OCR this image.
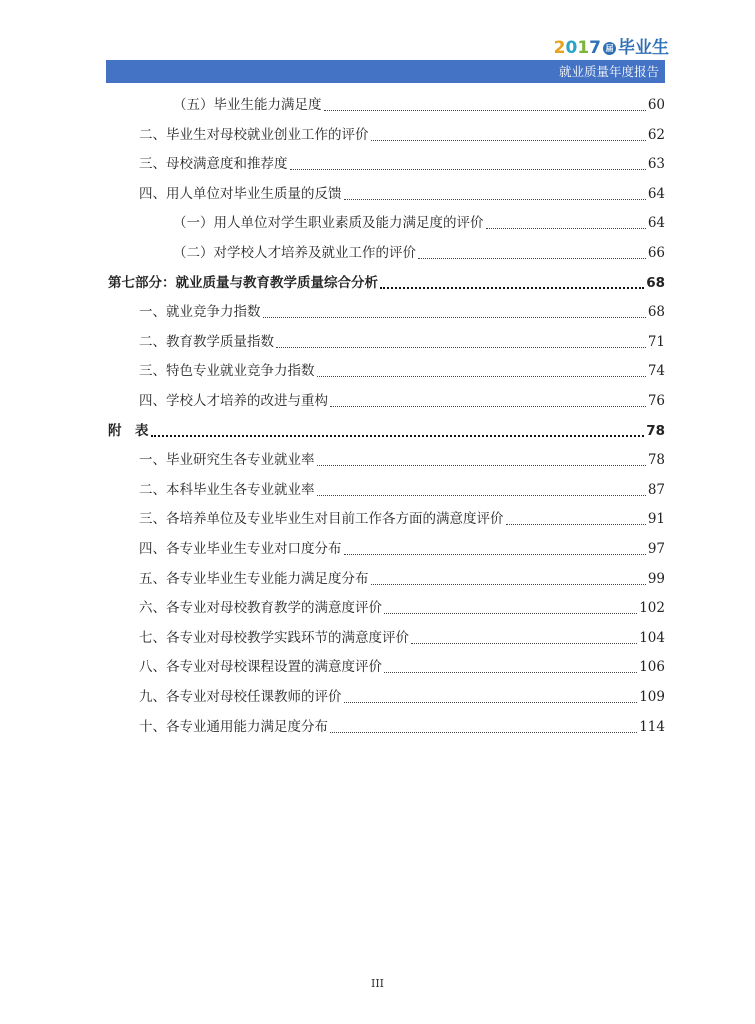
2017 届 毕业生
就业质量年度报告
（五）毕业生能力满足度	60
二、毕业生对母校就业创业工作的评价	62
三、母校满意度和推荐度	63
四、用人单位对毕业生质量的反馈	64
（一）用人单位对学生职业素质及能力满足度的评价	64
（二）对学校人才培养及就业工作的评价	66
第七部分：就业质量与教育教学质量综合分析	68
一、就业竞争力指数	68
二、教育教学质量指数	71
三、特色专业就业竞争力指数	74
四、学校人才培养的改进与重构	76
附　表	78
一、毕业研究生各专业就业率	78
二、本科毕业生各专业就业率	87
三、各培养单位及专业毕业生对目前工作各方面的满意度评价	91
四、各专业毕业生专业对口度分布	97
五、各专业毕业生专业能力满足度分布	99
六、各专业对母校教育教学的满意度评价	102
七、各专业对母校教学实践环节的满意度评价	104
八、各专业对母校课程设置的满意度评价	106
九、各专业对母校任课教师的评价	109
十、各专业通用能力满足度分布	114
III
